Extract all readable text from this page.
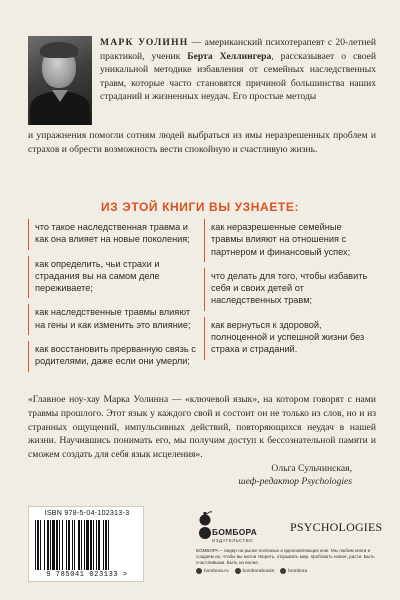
МАРК УОЛИНН — американский психотерапевт с 20-летней практикой, ученик Берта Хеллингера, рассказывает о своей уникальной методике избавления от семейных наследственных травм, которые часто становятся причиной большинства наших страданий и жизненных неудач. Его простые методы

и упражнения помогли сотням людей выбраться из ямы неразрешенных проблем и страхов и обрести возможность вести спокойную и счастливую жизнь.

ИЗ ЭТОЙ КНИГИ ВЫ УЗНАЕТЕ:
что такое наследственная травма и как она влияет на новые поколения;
как определить, чьи страхи и страдания вы на самом деле переживаете;
как наследственные травмы влияют на гены и как изменить это влияние;
как восстановить прерванную связь с родителями, даже если они умерли;
как неразрешенные семейные травмы влияют на отношения с партнером и финансовый успех;
что делать для того, чтобы избавить себя и своих детей от наследственных травм;
как вернуться к здоровой, полноценной и успешной жизни без страха и страданий.

«Главное ноу-хау Марка Уолинна — «ключевой язык», на котором говорят с нами травмы прошлого. Этот язык у каждого свой и состоит он не только из слов, но и из странных ощущений, импульсивных действий, повторяющихся неудач в нашей жизни. Научившись понимать его, мы получим доступ к бессознательной памяти и сможем создать для себя язык исцеления».

Ольга Сульчинская,
шеф-редактор Psychologies
ISBN 978-5-04-102313-3
9 785041 023133 >
БОМБОРА
ИЗДАТЕЛЬСТВО
PSYCHOLOGIES

БОМБОРА – лидер на рынке полезных и вдохновляющих книг. Мы любим книги и создаем их, чтобы вы могли творить, открывать мир, пробовать новое, расти. Быть счастливыми. Быть на волне.

bombora.ru	bomborabooks	bombora
